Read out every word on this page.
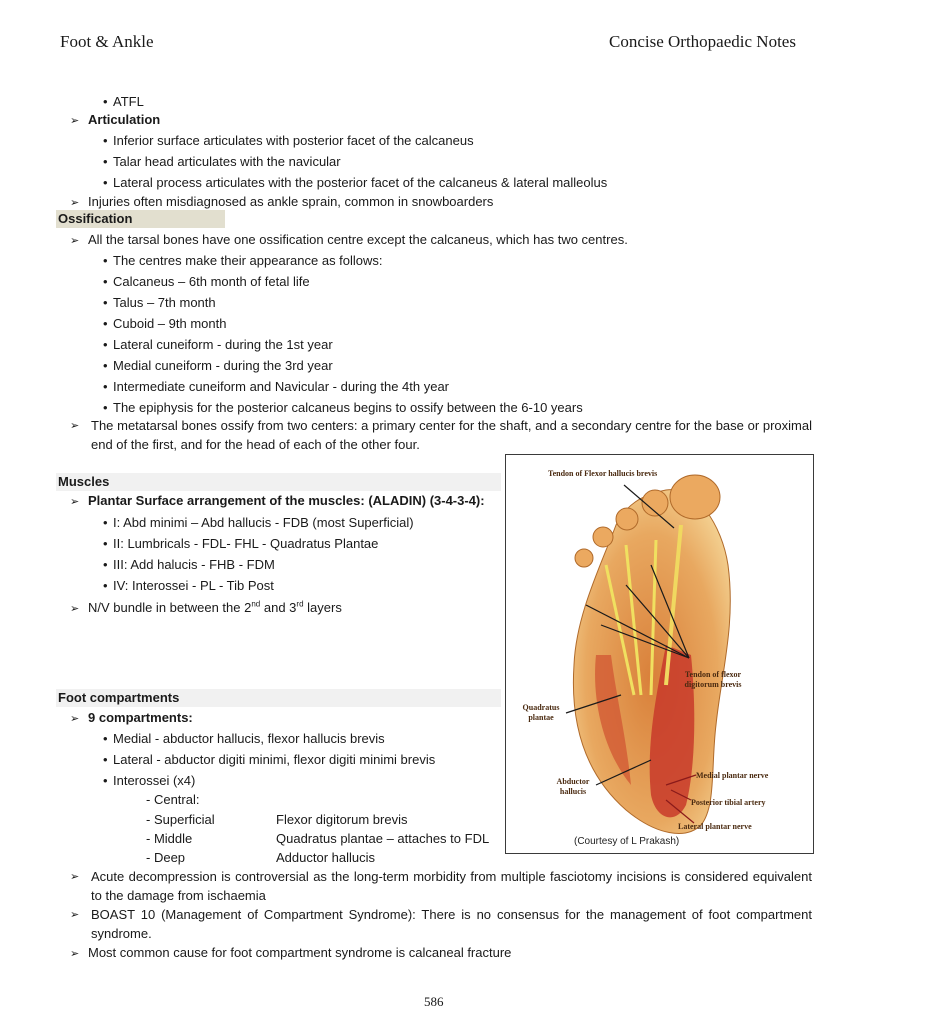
Foot & Ankle	Concise Orthopaedic Notes
• ATFL
➢ Articulation
• Inferior surface articulates with posterior facet of the calcaneus
• Talar head articulates with the navicular
• Lateral process articulates with the posterior facet of the calcaneus & lateral malleolus
➢ Injuries often misdiagnosed as ankle sprain, common in snowboarders
Ossification
➢ All the tarsal bones have one ossification centre except the calcaneus, which has two centres.
• The centres make their appearance as follows:
• Calcaneus – 6th month of fetal life
• Talus – 7th month
• Cuboid – 9th month
• Lateral cuneiform - during the 1st year
• Medial cuneiform - during the 3rd year
• Intermediate cuneiform and Navicular - during the 4th year
• The epiphysis for the posterior calcaneus begins to ossify between the 6-10 years
➢ The metatarsal bones ossify from two centers: a primary center for the shaft, and a secondary centre for the base or proximal end of the first, and for the head of each of the other four.
Muscles
➢ Plantar Surface arrangement of the muscles: (ALADIN) (3-4-3-4):
• I: Abd minimi – Abd hallucis - FDB (most Superficial)
• II: Lumbricals - FDL- FHL - Quadratus Plantae
• III: Add halucis - FHB - FDM
• IV: Interossei - PL - Tib Post
➢ N/V bundle in between the 2nd and 3rd layers
Tendon of Flexor hallucis brevis
Tendon of flexor digitorum brevis
Quadratus plantae
Abductor hallucis
Medial plantar nerve
Posterior tibial artery
Lateral plantar nerve
(Courtesy of L Prakash)
Foot compartments
➢ 9 compartments:
• Medial - abductor hallucis, flexor hallucis brevis
• Lateral - abductor digiti minimi, flexor digiti minimi brevis
• Interossei (x4)
- Central:
- Superficial	Flexor digitorum brevis
- Middle	Quadratus plantae – attaches to FDL
- Deep	Adductor hallucis
➢ Acute decompression is controversial as the long-term morbidity from multiple fasciotomy incisions is considered equivalent to the damage from ischaemia
➢ BOAST 10 (Management of Compartment Syndrome): There is no consensus for the management of foot compartment syndrome.
➢ Most common cause for foot compartment syndrome is calcaneal fracture
586
